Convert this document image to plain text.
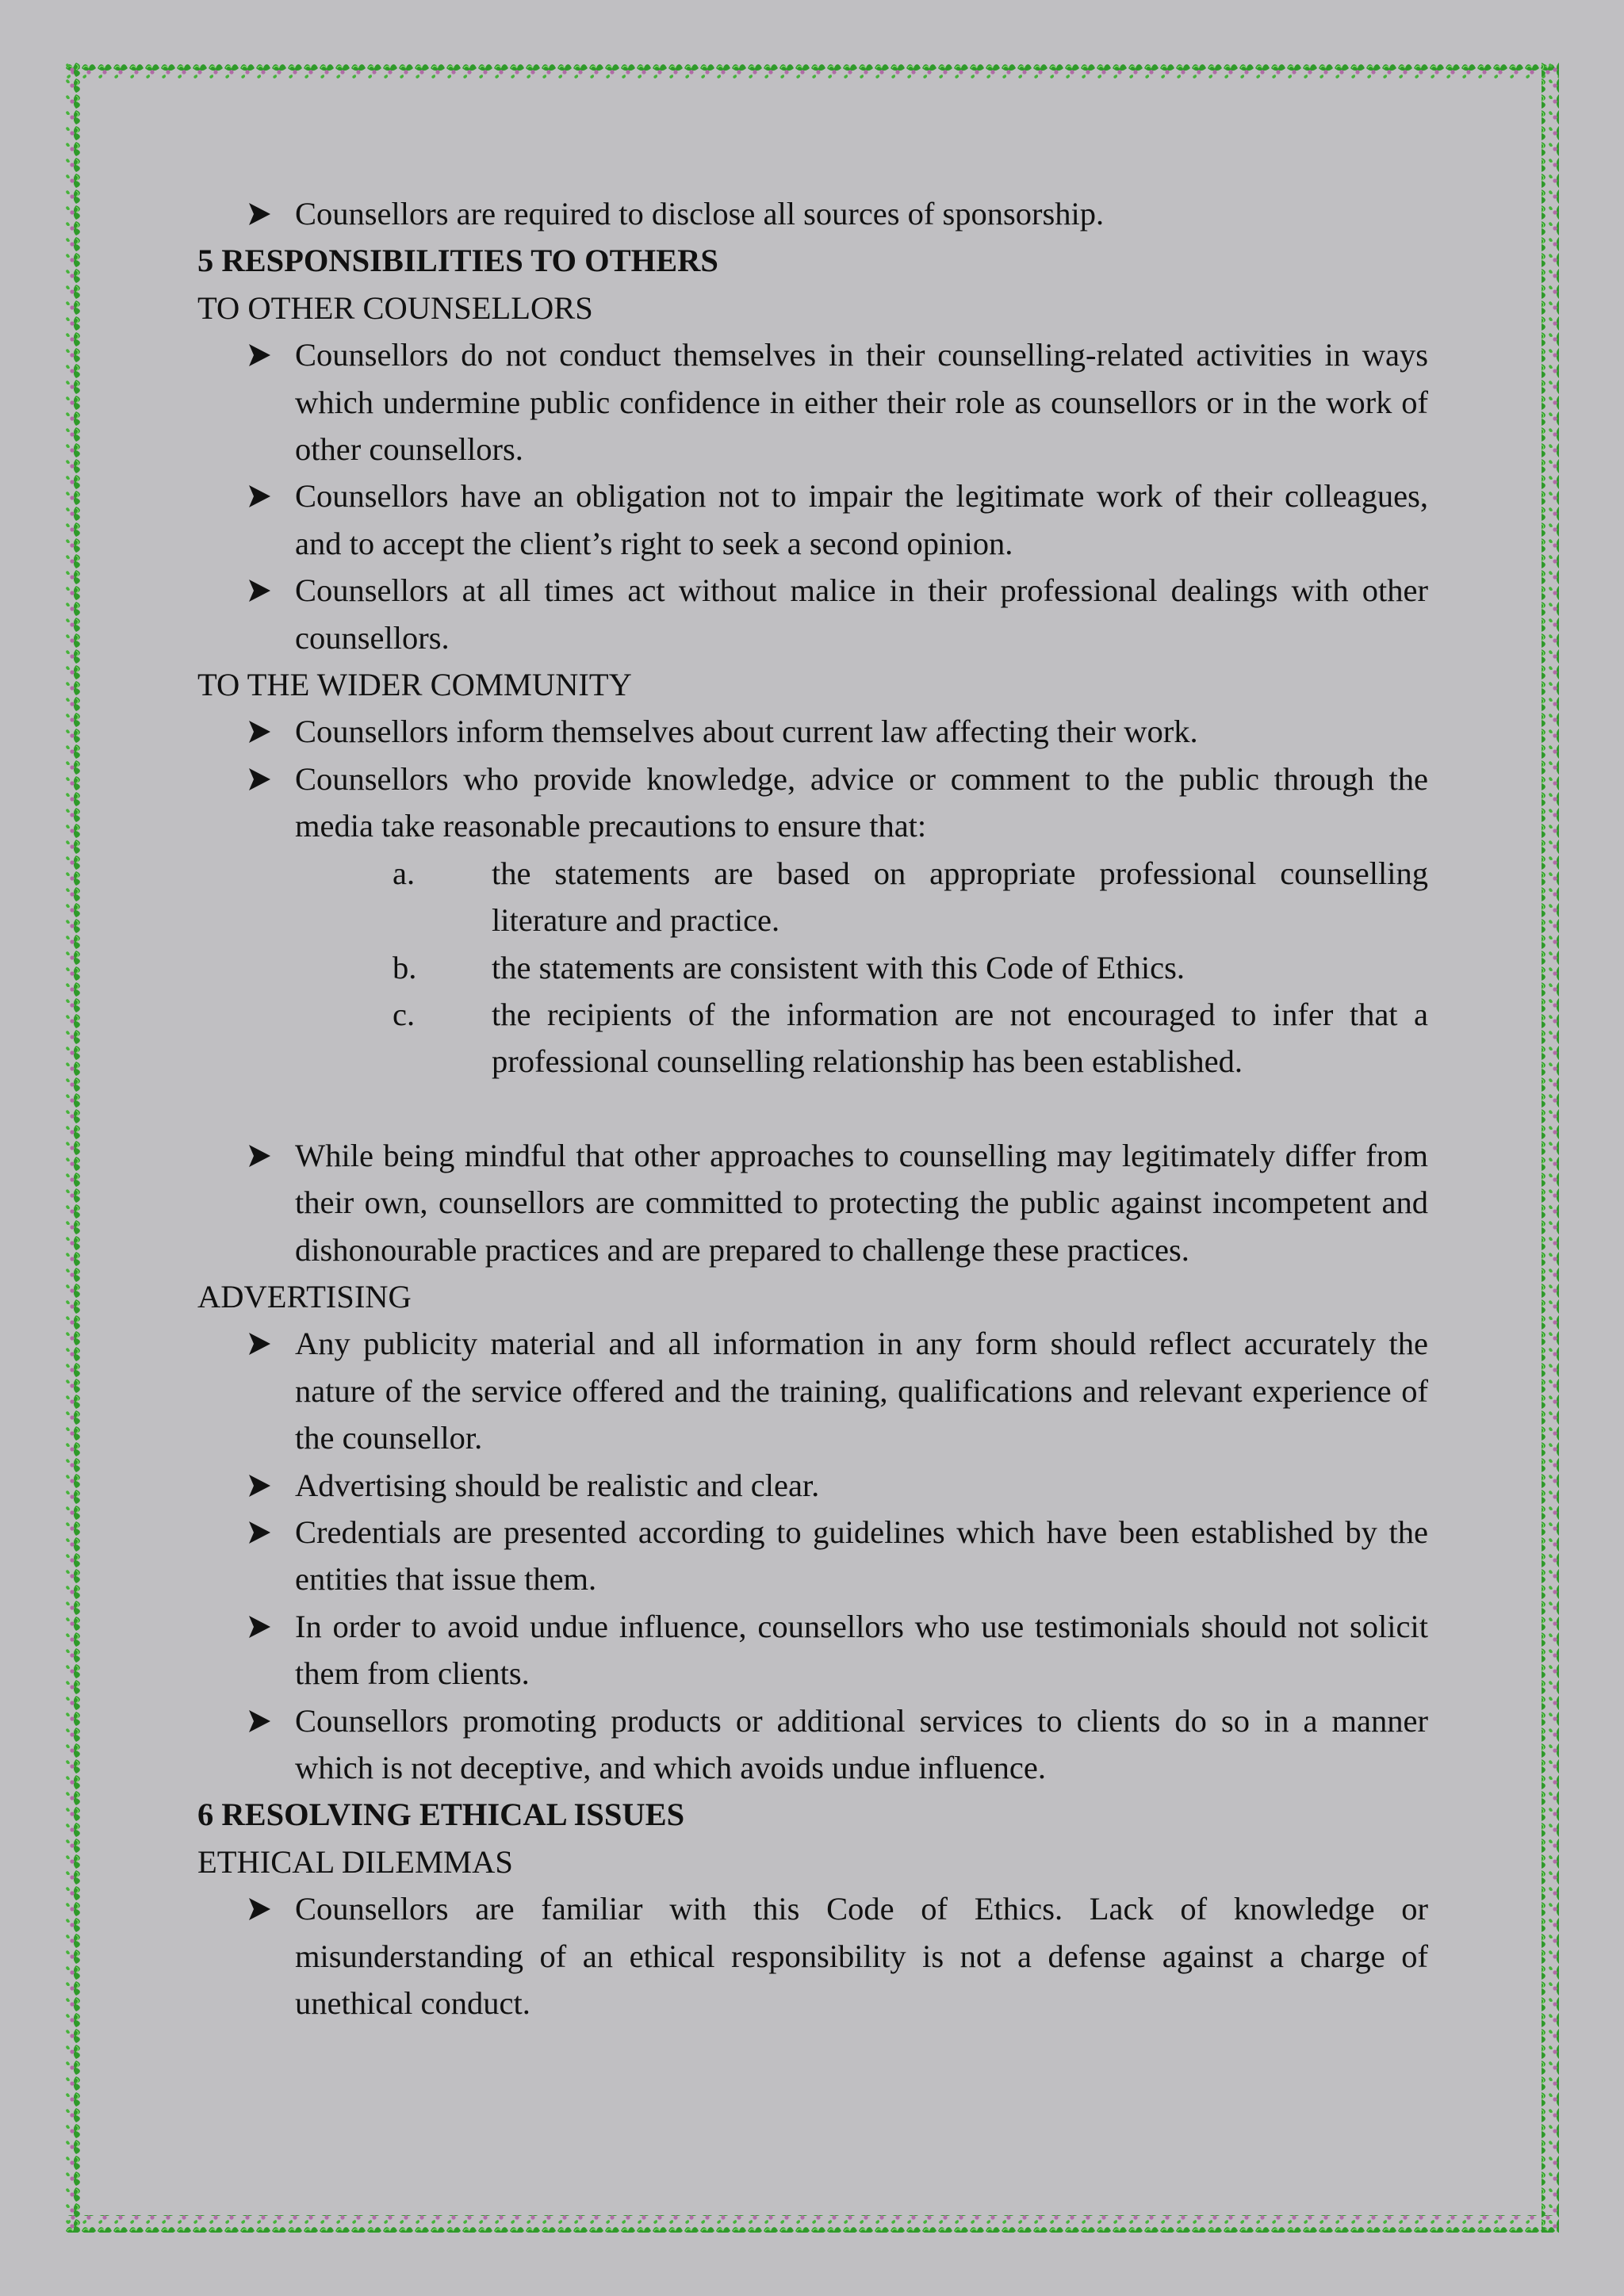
Counsellors are required to disclose all sources of sponsorship.
5 RESPONSIBILITIES TO OTHERS
TO OTHER COUNSELLORS
Counsellors do not conduct themselves in their counselling-related activities in ways which undermine public confidence in either their role as counsellors or in the work of other counsellors.
Counsellors have an obligation not to impair the legitimate work of their colleagues, and to accept the client’s right to seek a second opinion.
Counsellors at all times act without malice in their professional dealings with other counsellors.
TO THE WIDER COMMUNITY
Counsellors inform themselves about current law affecting their work.
Counsellors who provide knowledge, advice or comment to the public through the media take reasonable precautions to ensure that:
a. the statements are based on appropriate professional counselling literature and practice.
b. the statements are consistent with this Code of Ethics.
c. the recipients of the information are not encouraged to infer that a professional counselling relationship has been established.
While being mindful that other approaches to counselling may legitimately differ from their own, counsellors are committed to protecting the public against incompetent and dishonourable practices and are prepared to challenge these practices.
ADVERTISING
Any publicity material and all information in any form should reflect accurately the nature of the service offered and the training, qualifications and relevant experience of the counsellor.
Advertising should be realistic and clear.
Credentials are presented according to guidelines which have been established by the entities that issue them.
In order to avoid undue influence, counsellors who use testimonials should not solicit them from clients.
Counsellors promoting products or additional services to clients do so in a manner which is not deceptive, and which avoids undue influence.
6 RESOLVING ETHICAL ISSUES
ETHICAL DILEMMAS
Counsellors are familiar with this Code of Ethics. Lack of knowledge or misunderstanding of an ethical responsibility is not a defense against a charge of unethical conduct.
